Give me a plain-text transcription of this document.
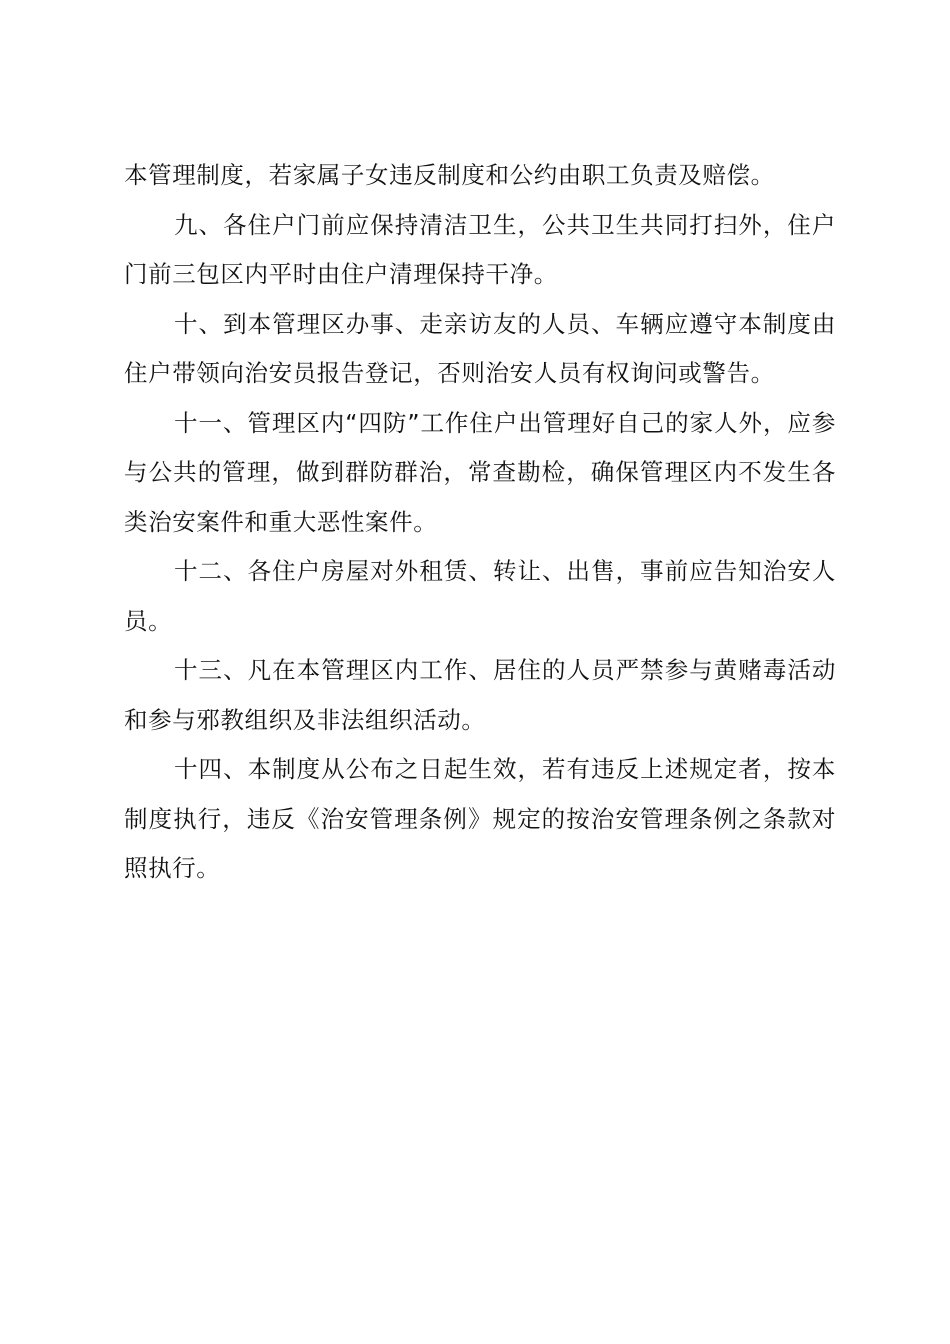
本管理制度，若家属子女违反制度和公约由职工负责及赔偿。

九、各住户门前应保持清洁卫生，公共卫生共同打扫外，住户门前三包区内平时由住户清理保持干净。

十、到本管理区办事、走亲访友的人员、车辆应遵守本制度由住户带领向治安员报告登记，否则治安人员有权询问或警告。

十一、管理区内“四防”工作住户出管理好自己的家人外，应参与公共的管理，做到群防群治，常查勘检，确保管理区内不发生各类治安案件和重大恶性案件。

十二、各住户房屋对外租赁、转让、出售，事前应告知治安人员。

十三、凡在本管理区内工作、居住的人员严禁参与黄赌毒活动和参与邪教组织及非法组织活动。

十四、本制度从公布之日起生效，若有违反上述规定者，按本制度执行，违反《治安管理条例》规定的按治安管理条例之条款对照执行。
